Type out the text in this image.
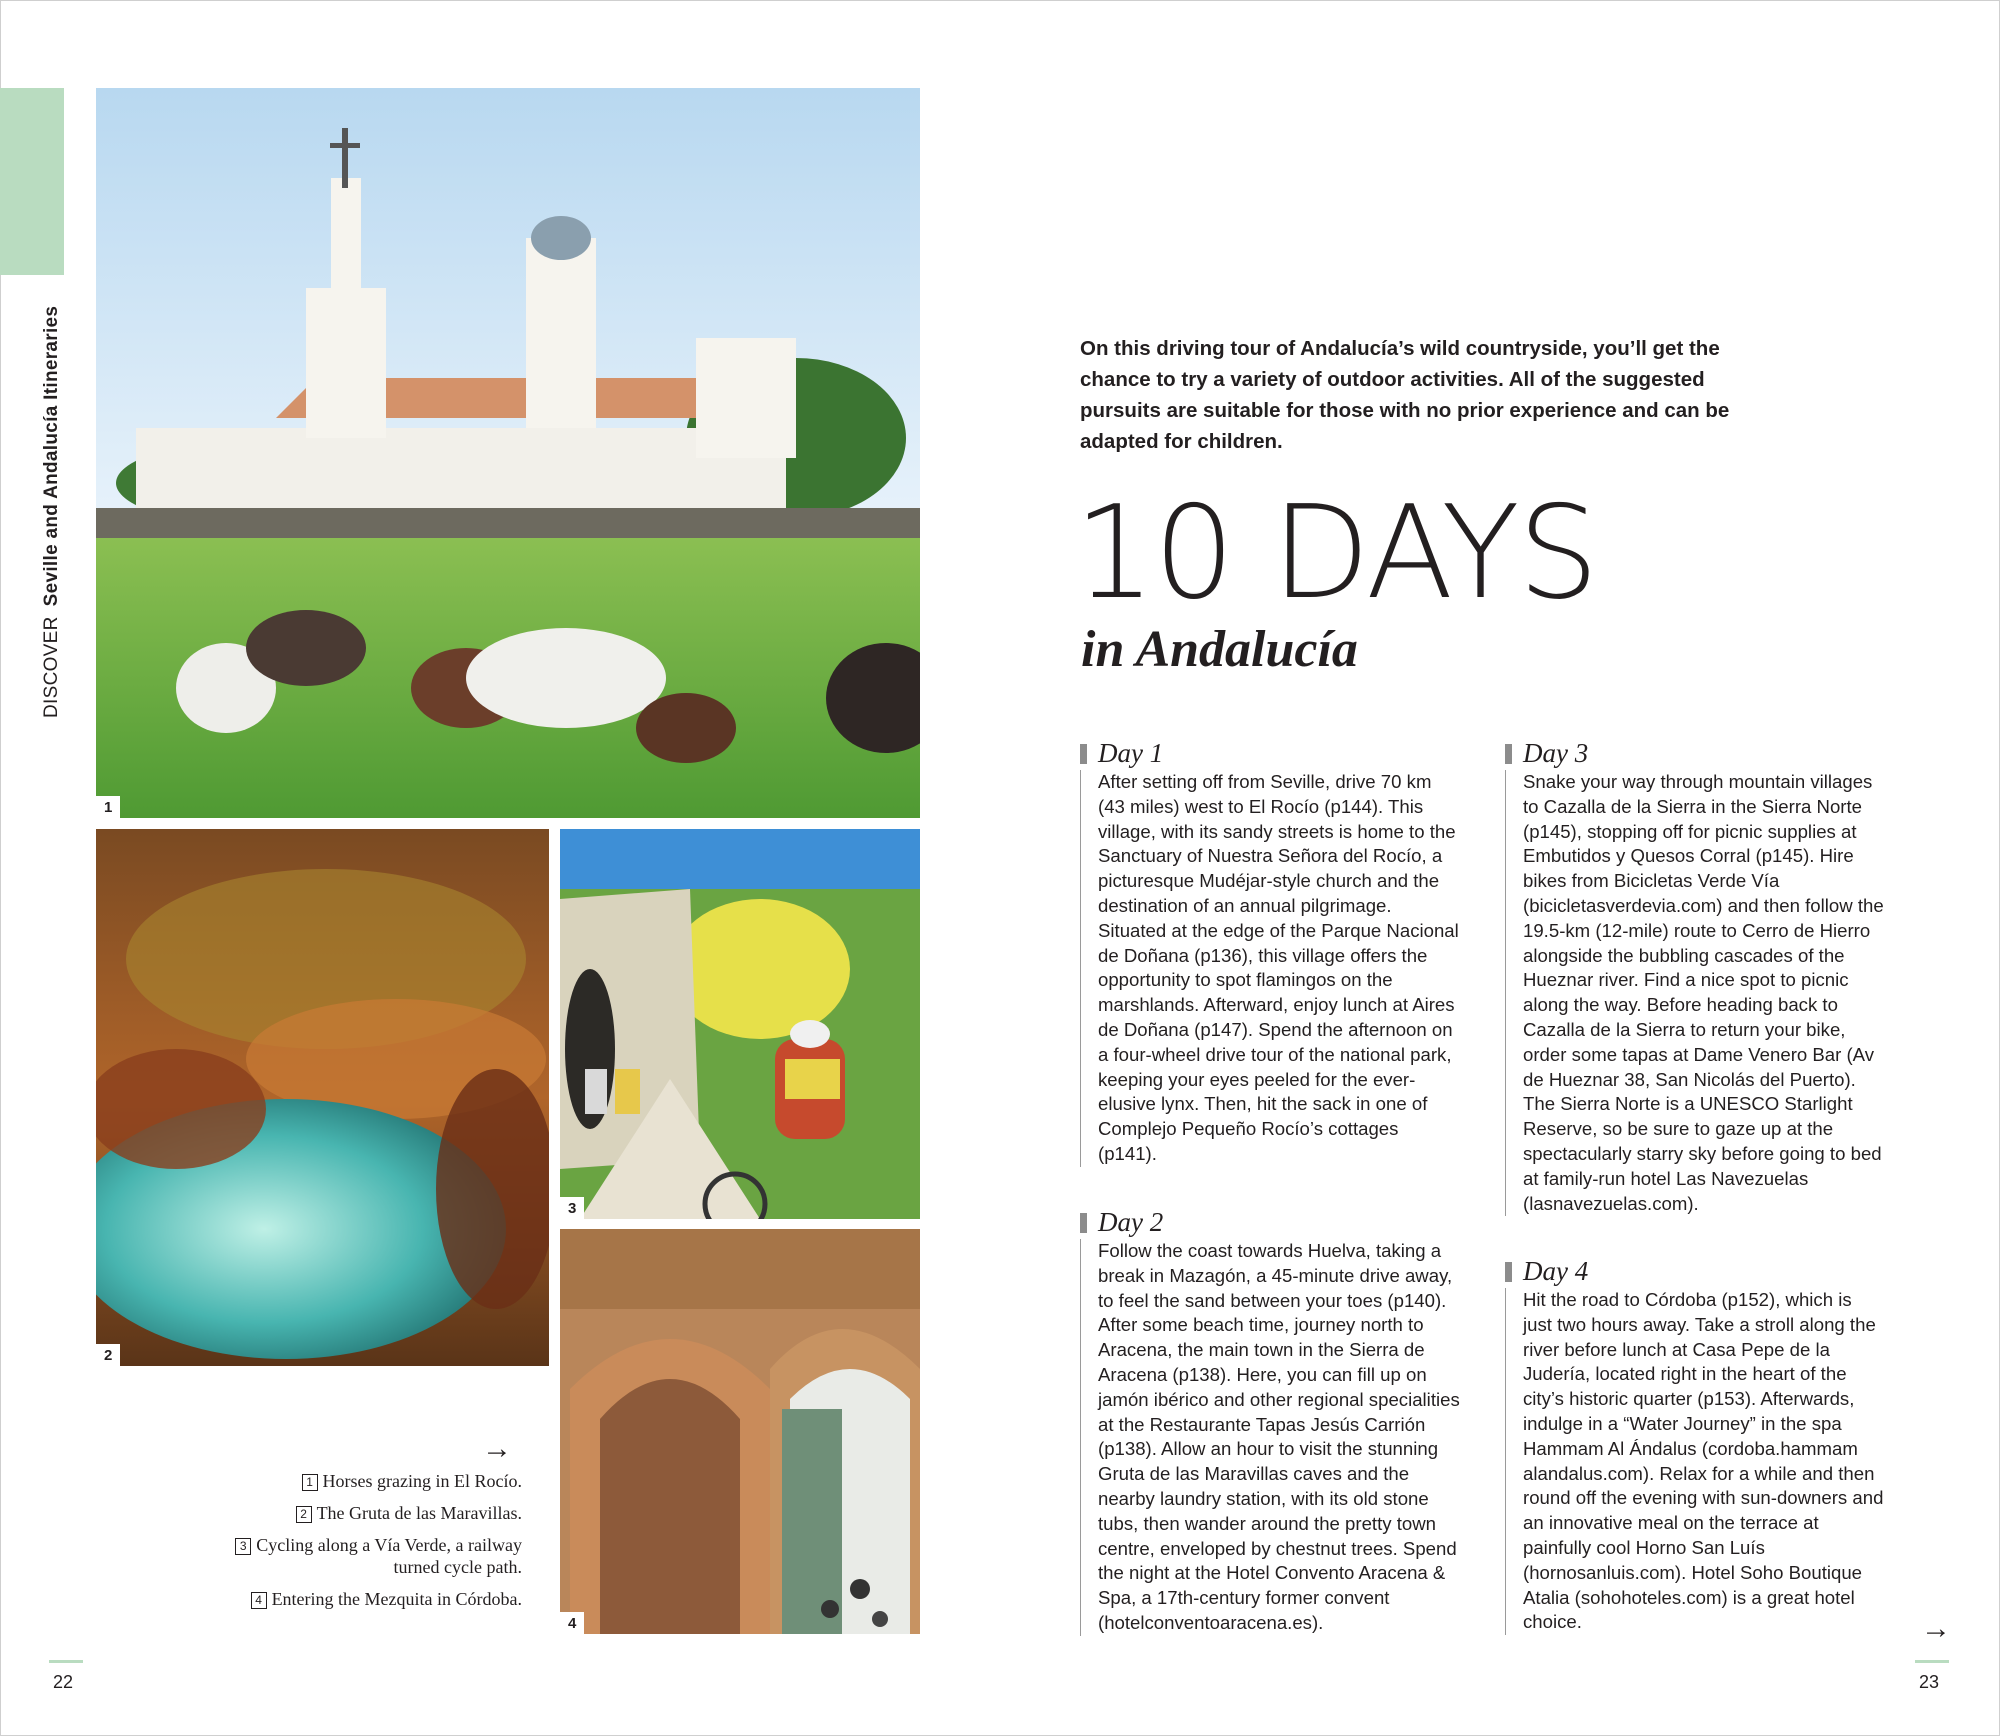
DISCOVERSeville and Andalucía Itineraries
1
2
3
4
→
1 Horses grazing in El Rocío.
2 The Gruta de las Maravillas.
3 Cycling along a Vía Verde, a railway turned cycle path.
4 Entering the Mezquita in Córdoba.
22
On this driving tour of Andalucía’s wild countryside, you’ll get the chance to try a variety of outdoor activities. All of the suggested pursuits are suitable for those with no prior experience and can be adapted for children.
10 DAYS
in Andalucía
Day 1
After setting off from Seville, drive 70 km (43 miles) west to El Rocío (p144). This village, with its sandy streets is home to the Sanctuary of Nuestra Señora del Rocío, a picturesque Mudéjar-style church and the destination of an annual pilgrimage. Situated at the edge of the Parque Nacional de Doñana (p136), this village offers the opportunity to spot flamingos on the marshlands. Afterward, enjoy lunch at Aires de Doñana (p147). Spend the afternoon on a four-wheel drive tour of the national park, keeping your eyes peeled for the ever-elusive lynx. Then, hit the sack in one of Complejo Pequeño Rocío’s cottages (p141).
Day 2
Follow the coast towards Huelva, taking a break in Mazagón, a 45-minute drive away, to feel the sand between your toes (p140). After some beach time, journey north to Aracena, the main town in the Sierra de Aracena (p138). Here, you can fill up on jamón ibérico and other regional specialities at the Restaurante Tapas Jesús Carrión (p138). Allow an hour to visit the stunning Gruta de las Maravillas caves and the nearby laundry station, with its old stone tubs, then wander around the pretty town centre, enveloped by chestnut trees. Spend the night at the Hotel Convento Aracena & Spa, a 17th-century former convent (hotelconventoaracena.es).
Day 3
Snake your way through mountain villages to Cazalla de la Sierra in the Sierra Norte (p145), stopping off for picnic supplies at Embutidos y Quesos Corral (p145). Hire bikes from Bicicletas Verde Vía (bicicletasverdevia.com) and then follow the 19.5-km (12-mile) route to Cerro de Hierro alongside the bubbling cascades of the Hueznar river. Find a nice spot to picnic along the way. Before heading back to Cazalla de la Sierra to return your bike, order some tapas at Dame Venero Bar (Av de Hueznar 38, San Nicolás del Puerto). The Sierra Norte is a UNESCO Starlight Reserve, so be sure to gaze up at the spectacularly starry sky before going to bed at family-run hotel Las Navezuelas (lasnavezuelas.com).
Day 4
Hit the road to Córdoba (p152), which is just two hours away. Take a stroll along the river before lunch at Casa Pepe de la Judería, located right in the heart of the city’s historic quarter (p153). Afterwards, indulge in a “Water Journey” in the spa Hammam Al Ándalus (cordoba.hammam alandalus.com). Relax for a while and then round off the evening with sun-downers and an innovative meal on the terrace at painfully cool Horno San Luís (hornosanluis.com). Hotel Soho Boutique Atalia (sohohoteles.com) is a great hotel choice.	→
23
